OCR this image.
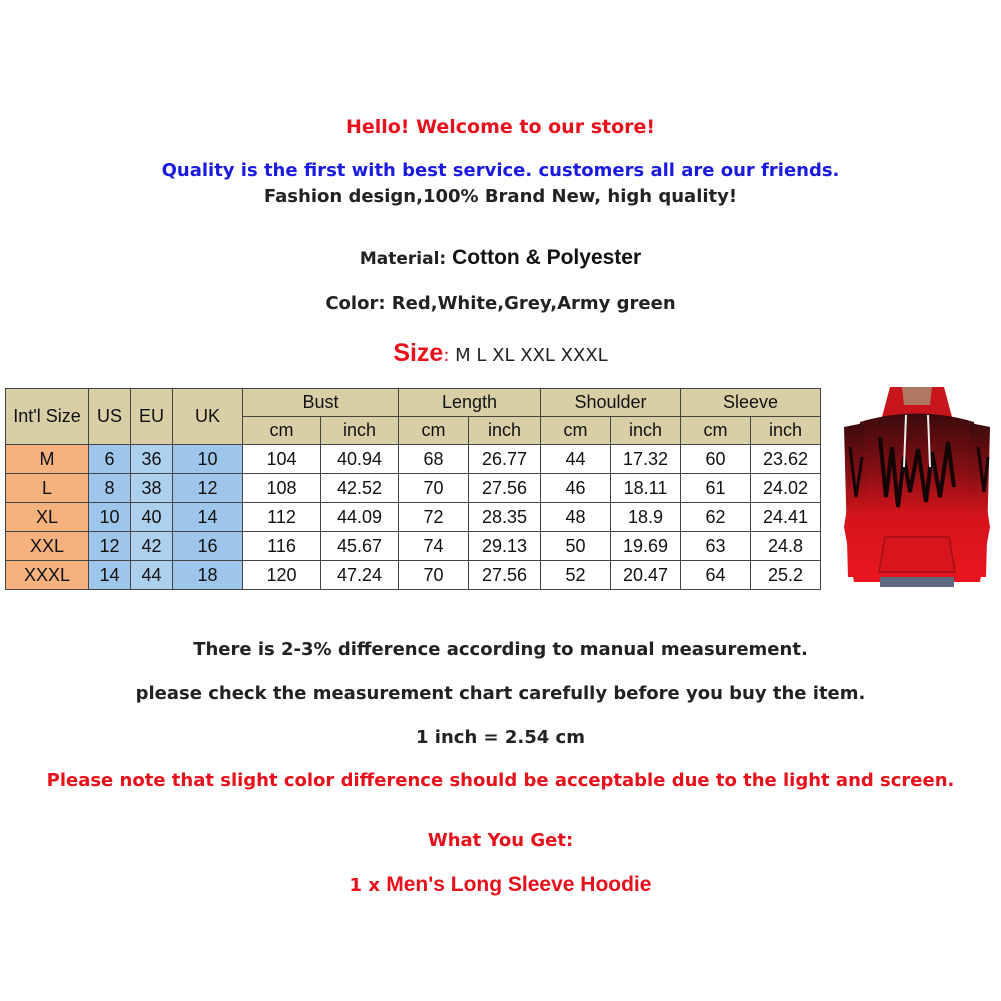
Hello! Welcome to our store!
Quality is the first with best service. customers all are our friends.
Fashion design,100% Brand New, high quality!
Material: Cotton & Polyester
Color: Red,White,Grey,Army green
Size: M L XL XXL XXXL
Int'l Size	US	EU	UK	Bust		Length		Shoulder		Sleeve	
				cm	inch	cm	inch	cm	inch	cm	inch
M	6	36	10	104	40.94	68	26.77	44	17.32	60	23.62
L	8	38	12	108	42.52	70	27.56	46	18.11	61	24.02
XL	10	40	14	112	44.09	72	28.35	48	18.9	62	24.41
XXL	12	42	16	116	45.67	74	29.13	50	19.69	63	24.8
XXXL	14	44	18	120	47.24	70	27.56	52	20.47	64	25.2
There is 2-3% difference according to manual measurement.
please check the measurement chart carefully before you buy the item.
1 inch = 2.54 cm
Please note that slight color difference should be acceptable due to the light and screen.
What You Get:
1 x Men's Long Sleeve Hoodie
